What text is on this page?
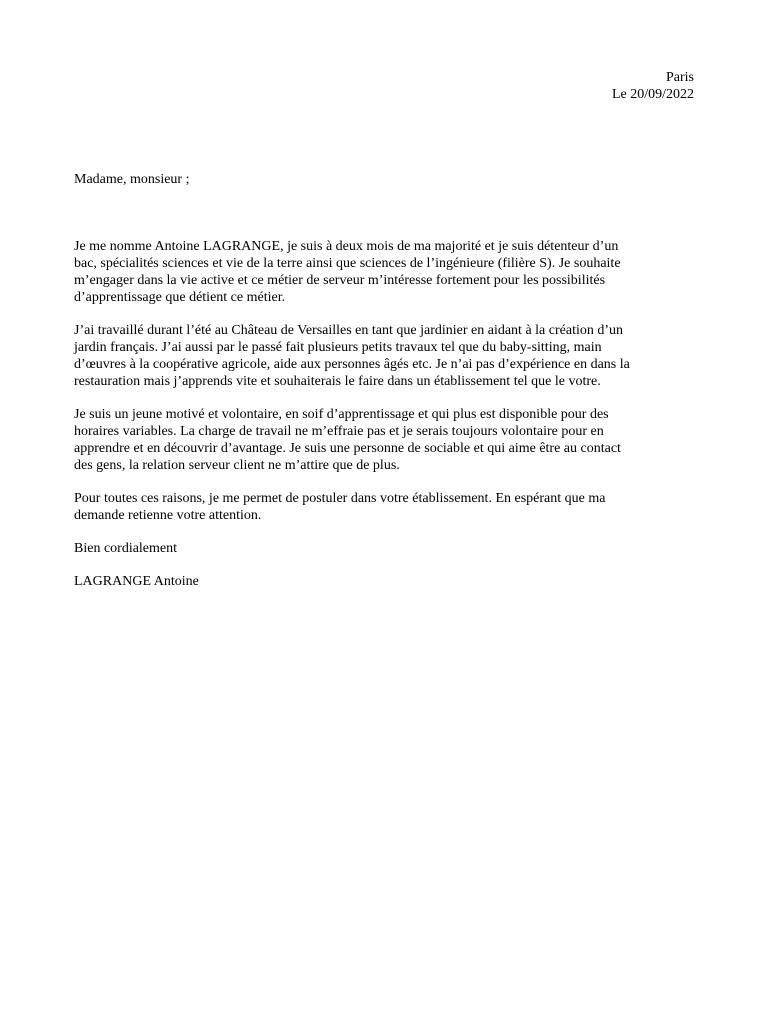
Paris
Le 20/09/2022
Madame, monsieur ;

Je me nomme Antoine LAGRANGE, je suis à deux mois de ma majorité et je suis détenteur d’un
bac, spécialités sciences et vie de la terre ainsi que sciences de l’ingénieure (filière S). Je souhaite
m’engager dans la vie active et ce métier de serveur m’intéresse fortement pour les possibilités
d’apprentissage que détient ce métier.

J’ai travaillé durant l’été au Château de Versailles en tant que jardinier en aidant à la création d’un
jardin français. J’ai aussi par le passé fait plusieurs petits travaux tel que du baby-sitting, main
d’œuvres à la coopérative agricole, aide aux personnes âgés etc. Je n’ai pas d’expérience en dans la
restauration mais j’apprends vite et souhaiterais le faire dans un établissement tel que le votre.

Je suis un jeune motivé et volontaire, en soif d’apprentissage et qui plus est disponible pour des
horaires variables. La charge de travail ne m’effraie pas et je serais toujours volontaire pour en
apprendre et en découvrir d’avantage. Je suis une personne de sociable et qui aime être au contact
des gens, la relation serveur client ne m’attire que de plus.

Pour toutes ces raisons, je me permet de postuler dans votre établissement. En espérant que ma
demande retienne votre attention.

Bien cordialement

LAGRANGE Antoine
